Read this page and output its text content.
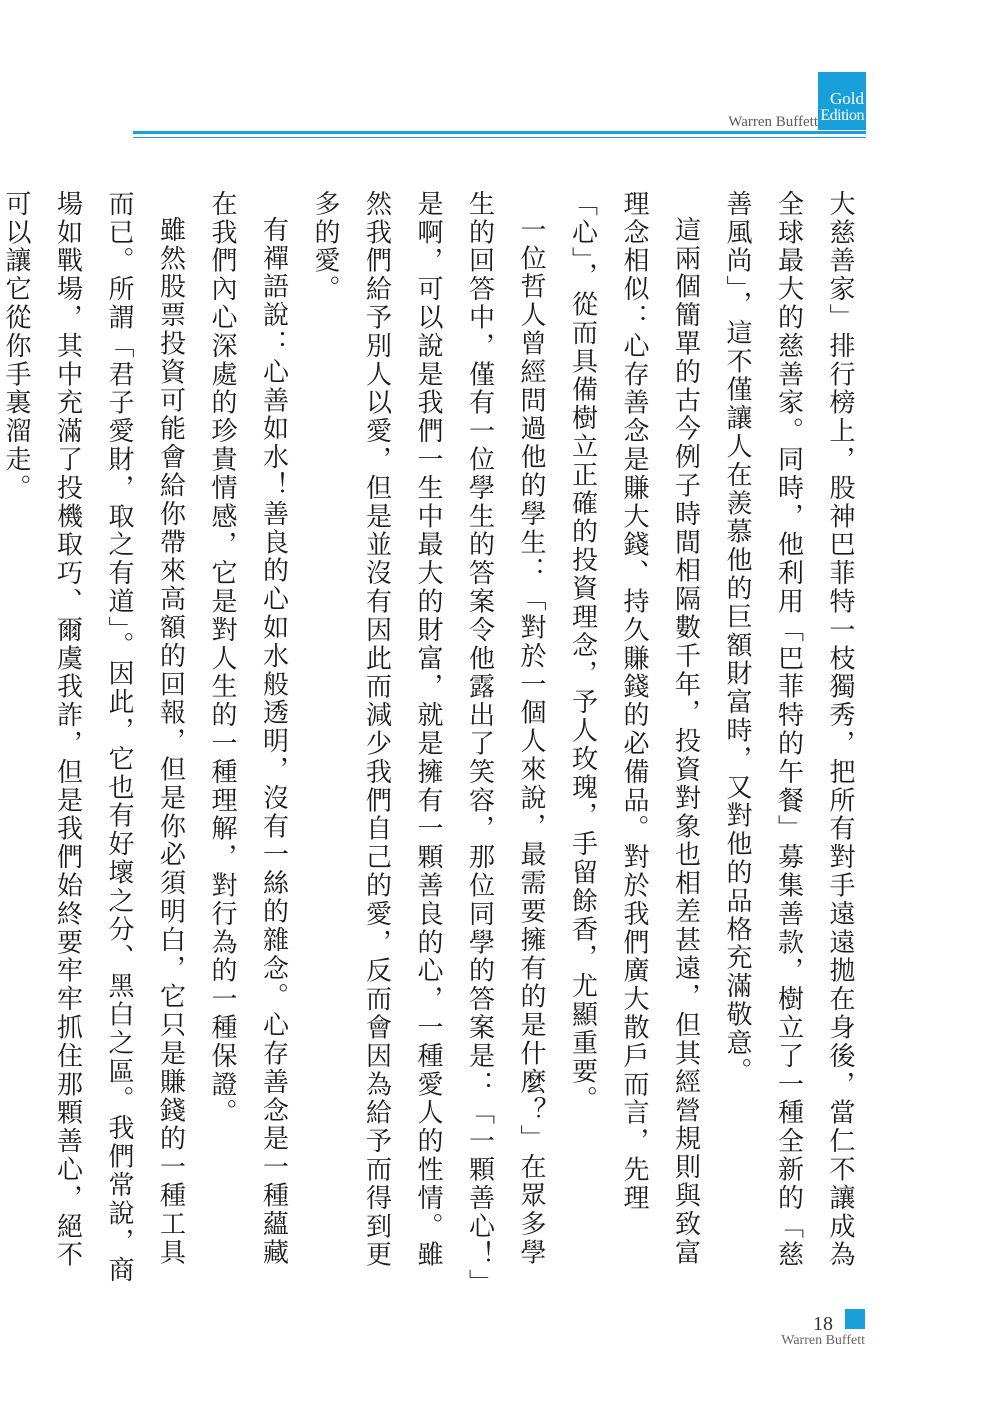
Warren Buffett
Gold
Edition

大慈善家」排行榜上，股神巴菲特一枝獨秀，把所有對手遠遠拋在身後，當仁不讓成為全球最大的慈善家。同時，他利用「巴菲特的午餐」募集善款，樹立了一種全新的「慈善風尚」，這不僅讓人在羨慕他的巨額財富時，又對他的品格充滿敬意。

這兩個簡單的古今例子時間相隔數千年，投資對象也相差甚遠，但其經營規則與致富理念相似：心存善念是賺大錢、持久賺錢的必備品。對於我們廣大散戶而言，先理「心」，從而具備樹立正確的投資理念，予人玫瑰，手留餘香，尤顯重要。

一位哲人曾經問過他的學生：「對於一個人來說，最需要擁有的是什麼？」在眾多學生的回答中，僅有一位學生的答案令他露出了笑容，那位同學的答案是：「一顆善心！」是啊，可以說是我們一生中最大的財富，就是擁有一顆善良的心，一種愛人的性情。雖然我們給予別人以愛，但是並沒有因此而減少我們自己的愛，反而會因為給予而得到更多的愛。

有禪語說：心善如水！善良的心如水般透明，沒有一絲的雜念。心存善念是一種蘊藏在我們內心深處的珍貴情感，它是對人生的一種理解，對行為的一種保證。

雖然股票投資可能會給你帶來高額的回報，但是你必須明白，它只是賺錢的一種工具而已。所謂「君子愛財，取之有道」。因此，它也有好壞之分、黑白之區。我們常說，商場如戰場，其中充滿了投機取巧、爾虞我詐，但是我們始終要牢牢抓住那顆善心，絕不可以讓它從你手裏溜走。

18
Warren Buffett
